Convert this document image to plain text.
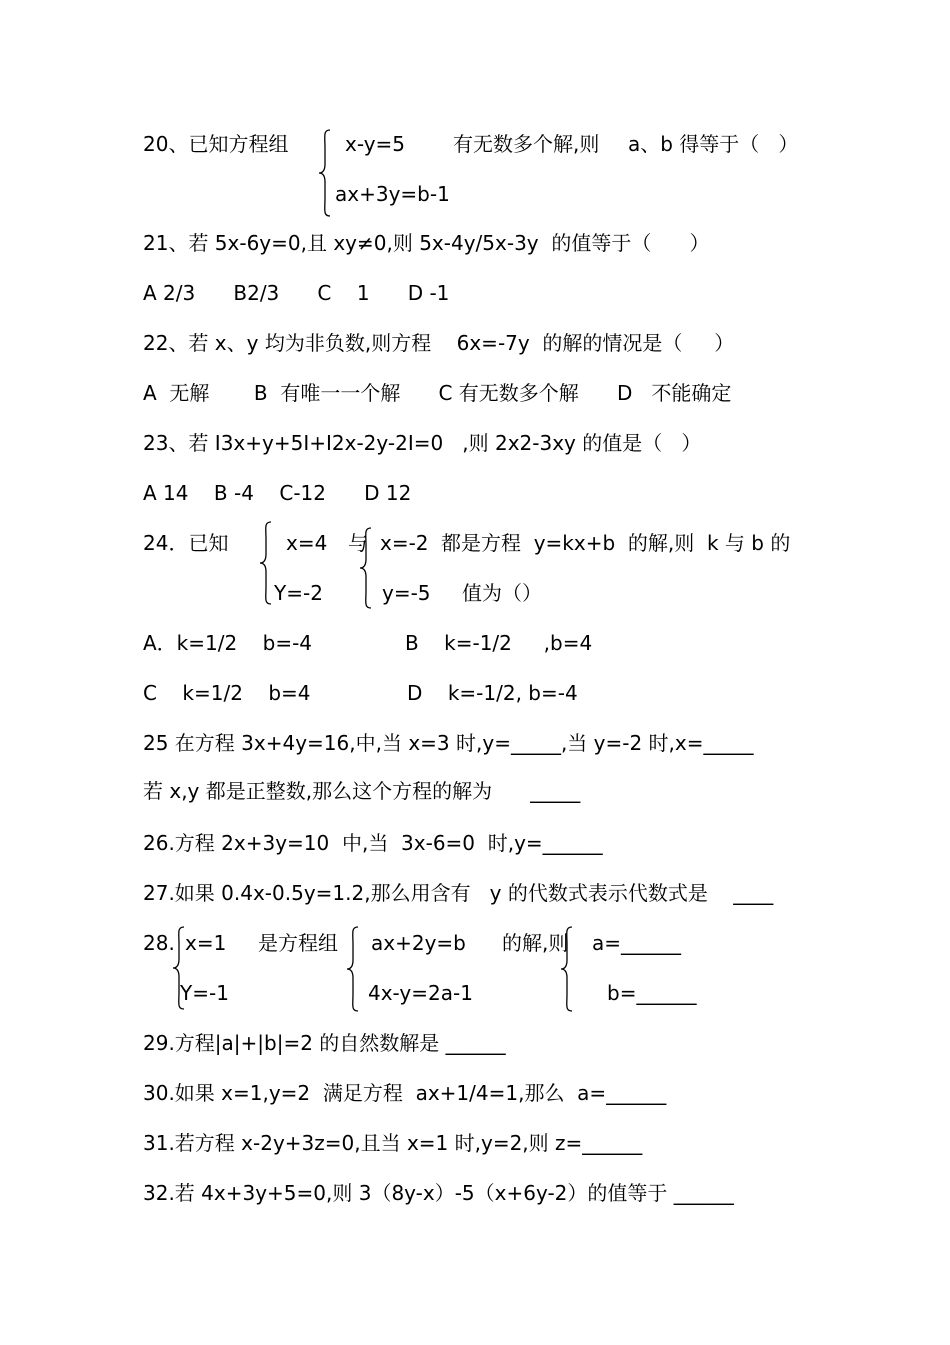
20、已知方程组	x-y=5 有无数多个解,则 a、b 得等于（   ）
ax+3y=b-1
21、若 5x-6y=0,且 xy≠0,则 5x-4y/5x-3y  的值等于（      ）
A 2/3      B2/3      C    1      D -1
22、若 x、y 均为非负数,则方程    6x=-7y  的解的情况是（     ）
A  无解       B  有唯一一个解      C 有无数多个解      D   不能确定
23、若 I3x+y+5I+I2x-2y-2I=0   ,则 2x2-3xy 的值是（   ）
A 14    B -4    C-12      D 12
24．已知	x=4 与 x=-2 都是方程  y=kx+b  的解,则  k 与 b 的
Y=-2	y=-5 值为（）
A．k=1/2    b=-4	B    k=-1/2     ,b=4
C    k=1/2    b=4	D    k=-1/2, b=-4
25 在方程 3x+4y=16,中,当 x=3 时,y=_____,当 y=-2 时,x=_____
若 x,y 都是正整数,那么这个方程的解为      _____
26.方程 2x+3y=10  中,当  3x-6=0  时,y=______
27.如果 0.4x-0.5y=1.2,那么用含有   y 的代数式表示代数式是    ____
28. x=1 是方程组 ax+2y=b 的解,则 a=______
Y=-1	4x-y=2a-1	b=______
29.方程|a|+|b|=2 的自然数解是 ______
30.如果 x=1,y=2  满足方程  ax+1/4=1,那么  a=______
31.若方程 x-2y+3z=0,且当 x=1 时,y=2,则 z=______
32.若 4x+3y+5=0,则 3（8y-x）-5（x+6y-2）的值等于 ______
